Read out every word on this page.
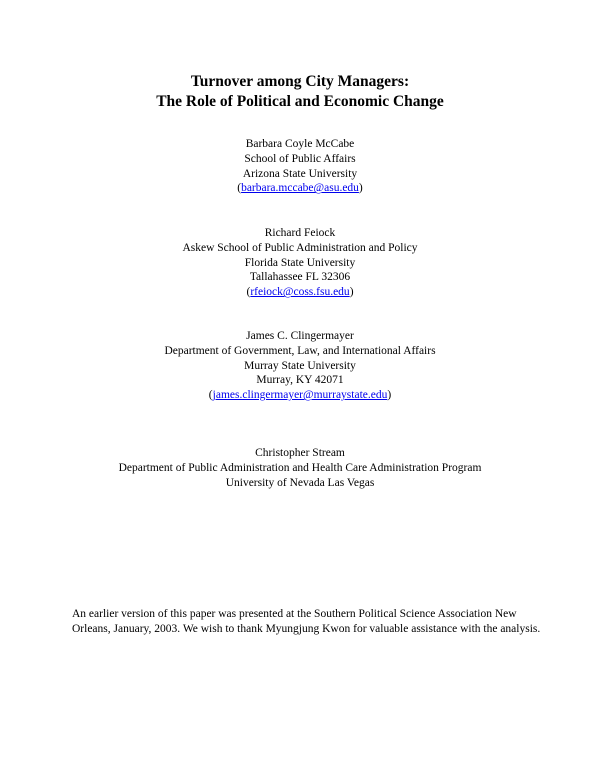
Turnover among City Managers:
The Role of Political and Economic Change
Barbara Coyle McCabe
School of Public Affairs
Arizona State University
(barbara.mccabe@asu.edu)
Richard Feiock
Askew School of Public Administration and Policy
Florida State University
Tallahassee FL 32306
(rfeiock@coss.fsu.edu)
James C. Clingermayer
Department of Government, Law, and International Affairs
Murray State University
Murray, KY 42071
(james.clingermayer@murraystate.edu)
Christopher Stream
Department of Public Administration and Health Care Administration Program
University of Nevada Las Vegas
An earlier version of this paper was presented at the Southern Political Science Association New
Orleans, January, 2003. We wish to thank Myungjung Kwon for valuable assistance with the analysis.
